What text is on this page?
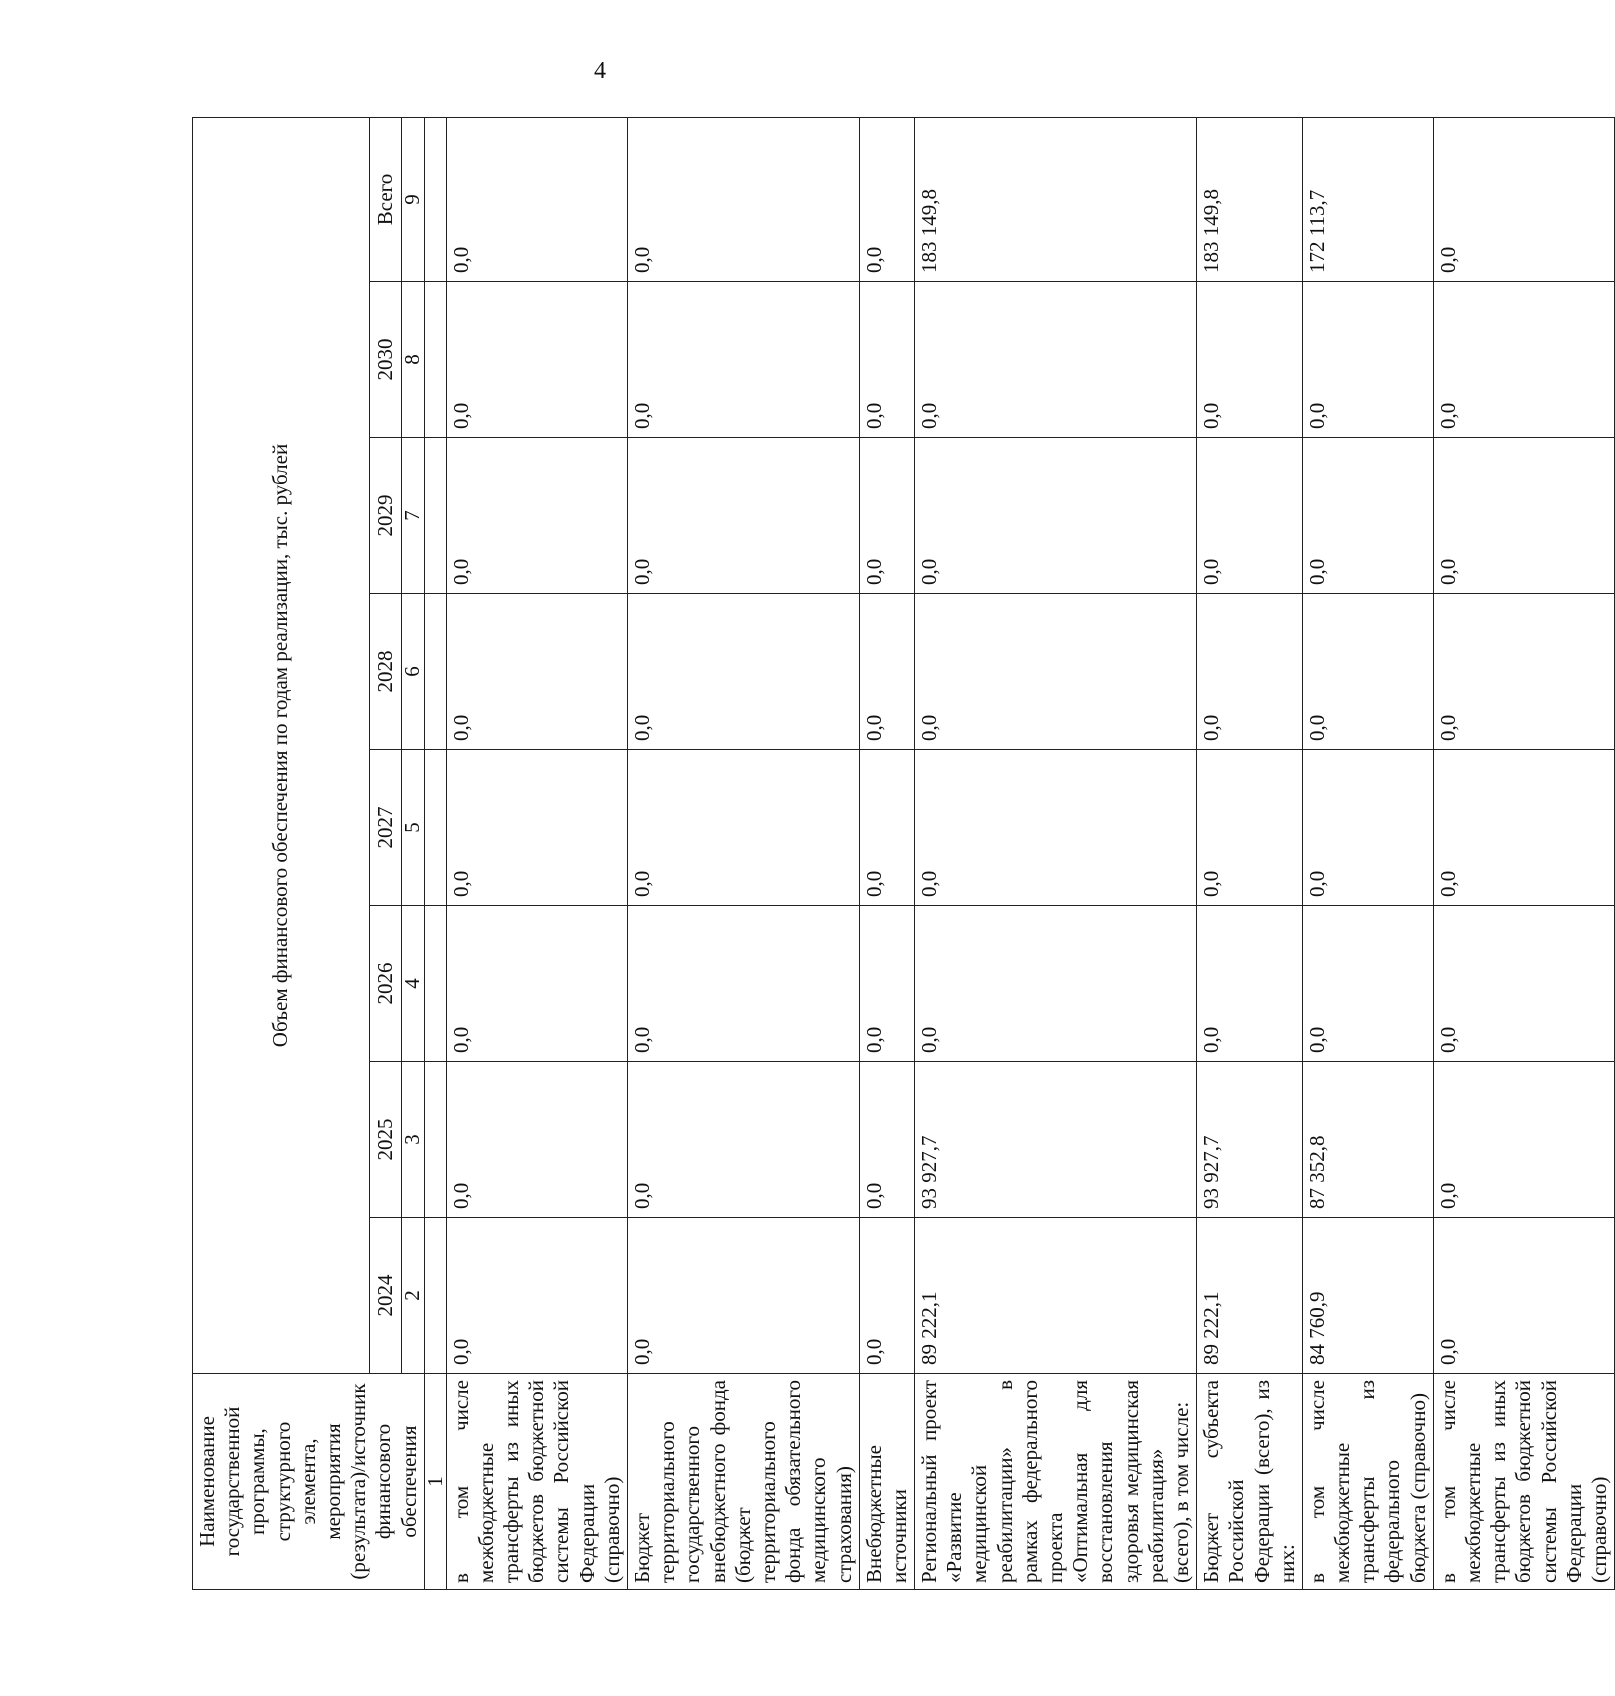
4
Наименование государственной программы, структурного элемента, мероприятия (результата)/источник финансового обеспечения	Объем финансового обеспечения по годам реализации, тыс. рублей							
	2024	2025	2026	2027	2028	2029	2030	Всего
	2	3	4	5	6	7	8	9
1								
в том числе межбюджетные трансферты из иных бюджетов бюджетной системы Российской Федерации (справочно)	0,0	0,0	0,0	0,0	0,0	0,0	0,0	0,0
Бюджет территориального государственного внебюджетного фонда (бюджет территориального фонда обязательного медицинского страхования)	0,0	0,0	0,0	0,0	0,0	0,0	0,0	0,0
Внебюджетные источники	0,0	0,0	0,0	0,0	0,0	0,0	0,0	0,0
Региональный проект «Развитие медицинской реабилитации» в рамках федерального проекта «Оптимальная для восстановления здоровья медицинская реабилитация» (всего), в том числе:	89 222,1	93 927,7	0,0	0,0	0,0	0,0	0,0	183 149,8
Бюджет субъекта Российской Федерации (всего), из них:	89 222,1	93 927,7	0,0	0,0	0,0	0,0	0,0	183 149,8
в том числе межбюджетные трансферты из федерального бюджета (справочно)	84 760,9	87 352,8	0,0	0,0	0,0	0,0	0,0	172 113,7
в том числе межбюджетные трансферты из иных бюджетов бюджетной системы Российской Федерации (справочно)	0,0	0,0	0,0	0,0	0,0	0,0	0,0	0,0
